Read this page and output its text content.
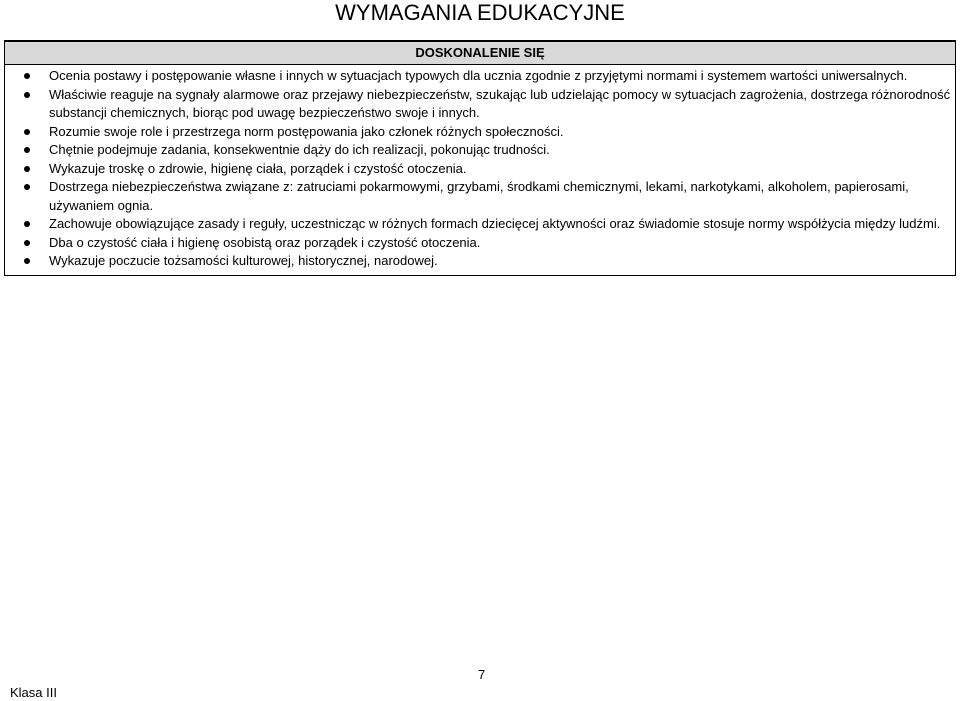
WYMAGANIA EDUKACYJNE
DOSKONALENIE SIĘ
Ocenia postawy i postępowanie własne i innych w sytuacjach typowych dla ucznia zgodnie z przyjętymi normami i systemem wartości uniwersalnych.
Właściwie reaguje na sygnały alarmowe oraz przejawy niebezpieczeństw, szukając lub udzielając pomocy w sytuacjach zagrożenia, dostrzega różnorodność substancji chemicznych, biorąc pod uwagę bezpieczeństwo swoje i innych.
Rozumie swoje role i przestrzega norm postępowania jako członek różnych społeczności.
Chętnie podejmuje zadania, konsekwentnie dąży do ich realizacji, pokonując trudności.
Wykazuje troskę o zdrowie, higienę ciała, porządek i czystość otoczenia.
Dostrzega niebezpieczeństwa związane z: zatruciami pokarmowymi, grzybami, środkami chemicznymi, lekami, narkotykami, alkoholem, papierosami, używaniem ognia.
Zachowuje obowiązujące zasady i reguły, uczestnicząc w różnych formach dziecięcej aktywności oraz świadomie stosuje normy współżycia między ludźmi.
Dba o czystość ciała i higienę osobistą oraz porządek i czystość otoczenia.
Wykazuje poczucie tożsamości kulturowej, historycznej, narodowej.
7
Klasa III
